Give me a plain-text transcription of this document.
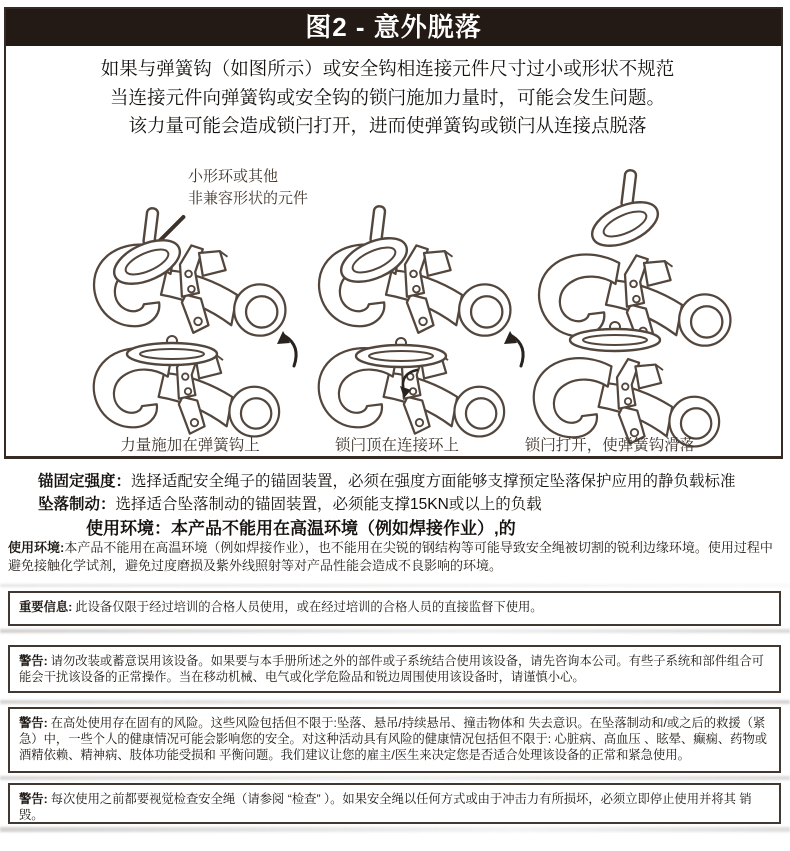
图2 - 意外脱落
如果与弹簧钩（如图所示）或安全钩相连接元件尺寸过小或形状不规范
当连接元件向弹簧钩或安全钩的锁闩施加力量时，可能会发生问题。
该力量可能会造成锁闩打开，进而使弹簧钩或锁闩从连接点脱落
小形环或其他
非兼容形状的元件
力量施加在弹簧钩上	锁闩顶在连接环上	锁闩打开，使弹簧钩滑落
锚固定强度：选择适配安全绳子的锚固装置，必须在强度方面能够支撑预定坠落保护应用的静负载标准
坠落制动：选择适合坠落制动的锚固装置，必须能支撑15KN或以上的负载
使用环境：本产品不能用在高温环境（例如焊接作业）,的
使用环境:本产品不能用在高温环境（例如焊接作业），也不能用在尖锐的钢结构等可能导致安全绳被切割的锐利边缘环境。使用过程中避免接触化学试剂，避免过度磨损及紫外线照射等对产品性能会造成不良影响的环境。
重要信息: 此设备仅限于经过培训的合格人员使用，或在经过培训的合格人员的直接监督下使用。
警告: 请勿改装或蓄意误用该设备。如果要与本手册所述之外的部件或子系统结合使用该设备，请先咨询本公司。有些子系统和部件组合可能会干扰该设备的正常操作。当在移动机械、电气或化学危险品和锐边周围使用该设备时，请谨慎小心。
警告: 在高处使用存在固有的风险。这些风险包括但不限于:坠落、悬吊/持续悬吊、撞击物体和 失去意识。在坠落制动和/或之后的救援（紧急）中，一些个人的健康情况可能会影响您的安全。对这种活动具有风险的健康情况包括但不限于: 心脏病、高血压 、眩晕、癫痫、药物或酒精依赖、精神病、肢体功能受损和 平衡问题。我们建议让您的雇主/医生来决定您是否适合处理该设备的正常和紧急使用。
警告: 每次使用之前都要视觉检查安全绳（请参阅 “检查” ）。如果安全绳以任何方式或由于冲击力有所损坏，必须立即停止使用并将其 销毁。
